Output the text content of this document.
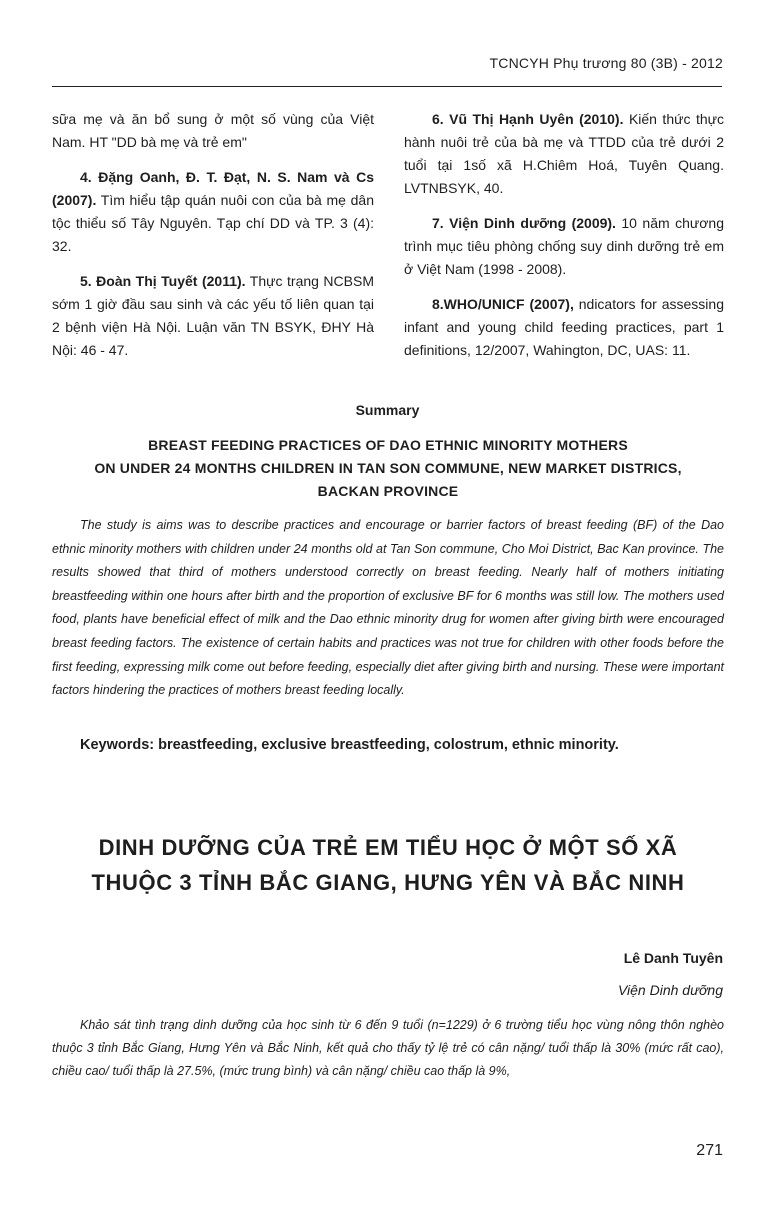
TCNCYH Phụ trương 80 (3B) - 2012

sữa mẹ và ăn bổ sung ở một số vùng của Việt Nam. HT "DD bà mẹ và trẻ em"

4. Đặng Oanh, Đ. T. Đạt, N. S. Nam và Cs (2007). Tìm hiểu tập quán nuôi con của bà mẹ dân tộc thiểu số Tây Nguyên. Tạp chí DD và TP. 3 (4): 32.

5. Đoàn Thị Tuyết (2011). Thực trạng NCBSM sớm 1 giờ đầu sau sinh và các yếu tố liên quan tại 2 bệnh viện Hà Nội. Luận văn TN BSYK, ĐHY Hà Nội: 46 - 47.

6. Vũ Thị Hạnh Uyên (2010). Kiến thức thực hành nuôi trẻ của bà mẹ và TTDD của trẻ dưới 2 tuổi tại 1số xã H.Chiêm Hoá, Tuyên Quang. LVTNBSYK, 40.

7. Viện Dinh dưỡng (2009). 10 năm chương trình mục tiêu phòng chống suy dinh dưỡng trẻ em ở Việt Nam (1998 - 2008).

8.WHO/UNICF (2007), ndicators for assessing infant and young child feeding practices, part 1 definitions, 12/2007, Wahington, DC, UAS: 11.

Summary
BREAST FEEDING PRACTICES OF DAO ETHNIC MINORITY MOTHERS
ON UNDER 24 MONTHS CHILDREN IN TAN SON COMMUNE, NEW MARKET DISTRICS,
BACKAN PROVINCE

The study is aims was to describe practices and encourage or barrier factors of breast feeding (BF) of the Dao ethnic minority mothers with children under 24 months old at Tan Son commune, Cho Moi District, Bac Kan province. The results showed that third of mothers understood correctly on breast feeding. Nearly half of mothers initiating breastfeeding within one hours after birth and the proportion of exclusive BF for 6 months was still low. The mothers used food, plants have beneficial effect of milk and the Dao ethnic minority drug for women after giving birth were encouraged breast feeding factors. The existence of certain habits and practices was not true for children with other foods before the first feeding, expressing milk come out before feeding, especially diet after giving birth and nursing. These were important factors hindering the practices of mothers breast feeding locally.

Keywords: breastfeeding, exclusive breastfeeding, colostrum, ethnic minority.

DINH DƯỠNG CỦA TRẺ EM TIỂU HỌC Ở MỘT SỐ XÃ
THUỘC 3 TỈNH BẮC GIANG, HƯNG YÊN VÀ BẮC NINH
Lê Danh Tuyên
Viện Dinh dưỡng

Khảo sát tình trạng dinh dưỡng của học sinh từ 6 đến 9 tuổi (n=1229) ở 6 trường tiểu học vùng nông thôn nghèo thuộc 3 tỉnh Bắc Giang, Hưng Yên và Bắc Ninh, kết quả cho thấy tỷ lệ trẻ có cân nặng/ tuổi thấp là 30% (mức rất cao), chiều cao/ tuổi thấp là 27.5%, (mức trung bình) và cân nặng/ chiều cao thấp là 9%,

271
